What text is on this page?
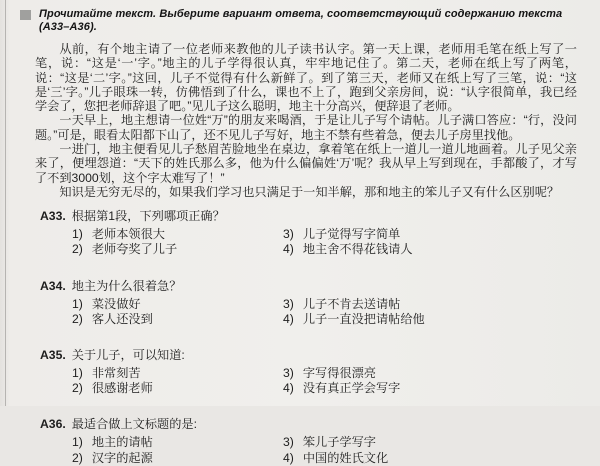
Прочитайте текст. Выберите вариант ответа, соответствующий содержанию текста (А33–А36).

从前，有个地主请了一位老师来教他的儿子读书认字。第一天上课，老师用毛笔在纸上写了一笔，说：“这是‘一’字。”地主的儿子学得很认真，牢牢地记住了。第二天，老师在纸上写了两笔，说：“这是‘二’字。”这回，儿子不觉得有什么新鲜了。到了第三天，老师又在纸上写了三笔，说：“这是‘三’字。”儿子眼珠一转，仿佛悟到了什么，课也不上了，跑到父亲房间，说：“认字很简单，我已经学会了，您把老师辞退了吧。”见儿子这么聪明，地主十分高兴，便辞退了老师。

一天早上，地主想请一位姓“万”的朋友来喝酒，于是让儿子写个请帖。儿子满口答应：“行，没问题。”可是，眼看太阳都下山了，还不见儿子写好，地主不禁有些着急，便去儿子房里找他。

一进门，地主便看见儿子愁眉苦脸地坐在桌边，拿着笔在纸上一道儿一道儿地画着。儿子见父亲来了，便埋怨道：“天下的姓氏那么多，他为什么偏偏姓‘万’呢？我从早上写到现在，手都酸了，才写了不到3000划，这个字太难写了！”

知识是无穷无尽的，如果我们学习也只满足于一知半解，那和地主的笨儿子又有什么区别呢？

A33. 根据第1段，下列哪项正确？
1) 老师本领很大	3) 儿子觉得写字简单
2) 老师夸奖了儿子	4) 地主舍不得花钱请人
A34. 地主为什么很着急？
1) 菜没做好	3) 儿子不肯去送请帖
2) 客人还没到	4) 儿子一直没把请帖给他
A35. 关于儿子，可以知道:
1) 非常刻苦	3) 字写得很漂亮
2) 很感谢老师	4) 没有真正学会写字
A36. 最适合做上文标题的是:
1) 地主的请帖	3) 笨儿子学写字
2) 汉字的起源	4) 中国的姓氏文化
